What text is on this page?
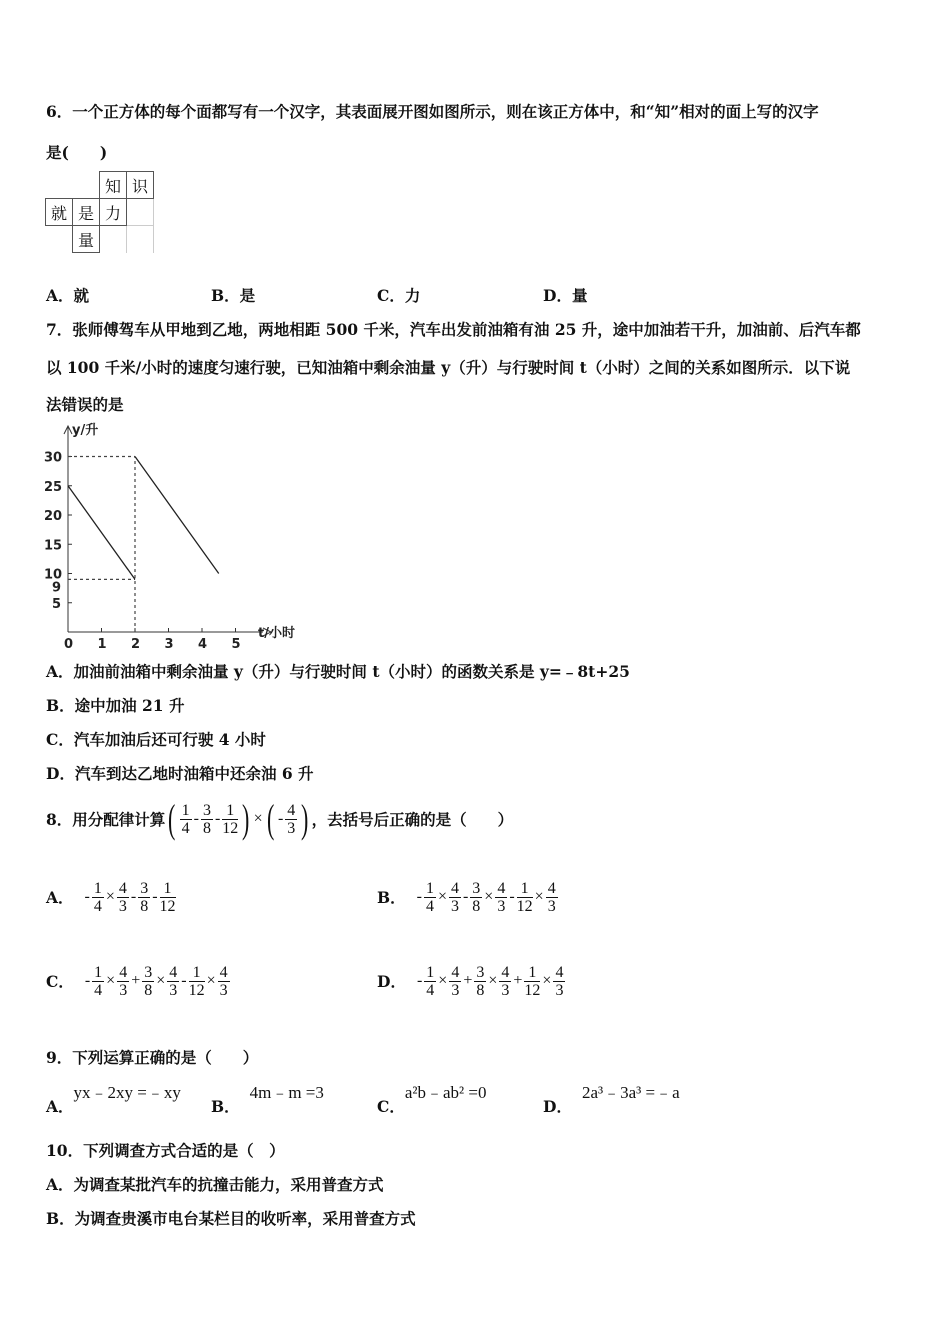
6．一个正方体的每个面都写有一个汉字，其表面展开图如图所示，则在该正方体中，和“知”相对的面上写的汉字
是(　　)
		知	识
就	是	力	
	量		
A．就	B．是	C．力	D．量
7．张师傅驾车从甲地到乙地，两地相距 500 千米，汽车出发前油箱有油 25 升，途中加油若干升，加油前、后汽车都
以 100 千米/小时的速度匀速行驶，已知油箱中剩余油量 y（升）与行驶时间 t（小时）之间的关系如图所示．以下说
法错误的是
t/小时
y/升
0 1 2 3 4 5
5
10
15
20
25
30
9
A．加油前油箱中剩余油量 y（升）与行驶时间 t（小时）的函数关系是 y=﹣8t+25
B．途中加油 21 升
C．汽车加油后还可行驶 4 小时
D．汽车到达乙地时油箱中还余油 6 升
8．用分配律计算 ( $\frac{1}{4} - \frac{3}{8} - \frac{1}{12}$ ) × ( - $\frac{4}{3}$ ) ，去括号后正确的是（　　）
A． - $\frac{1}{4} \times \frac{4}{3} - \frac{3}{8} - \frac{1}{12}$	B． - $\frac{1}{4} \times \frac{4}{3} - \frac{3}{8} \times \frac{4}{3} - \frac{1}{12} \times \frac{4}{3}$
C． - $\frac{1}{4} \times \frac{4}{3} + \frac{3}{8} \times \frac{4}{3} - \frac{1}{12} \times \frac{4}{3}$	D． - $\frac{1}{4} \times \frac{4}{3} + \frac{3}{8} \times \frac{4}{3} + \frac{1}{12} \times \frac{4}{3}$
9．下列运算正确的是（　　）
A．yx﹣2xy =﹣xy
B．4m﹣m =3
C．a²b﹣ab² =0
D．2a³﹣3a³ =﹣a
10．下列调查方式合适的是（　）
A．为调查某批汽车的抗撞击能力，采用普查方式
B．为调查贵溪市电台某栏目的收听率，采用普查方式
